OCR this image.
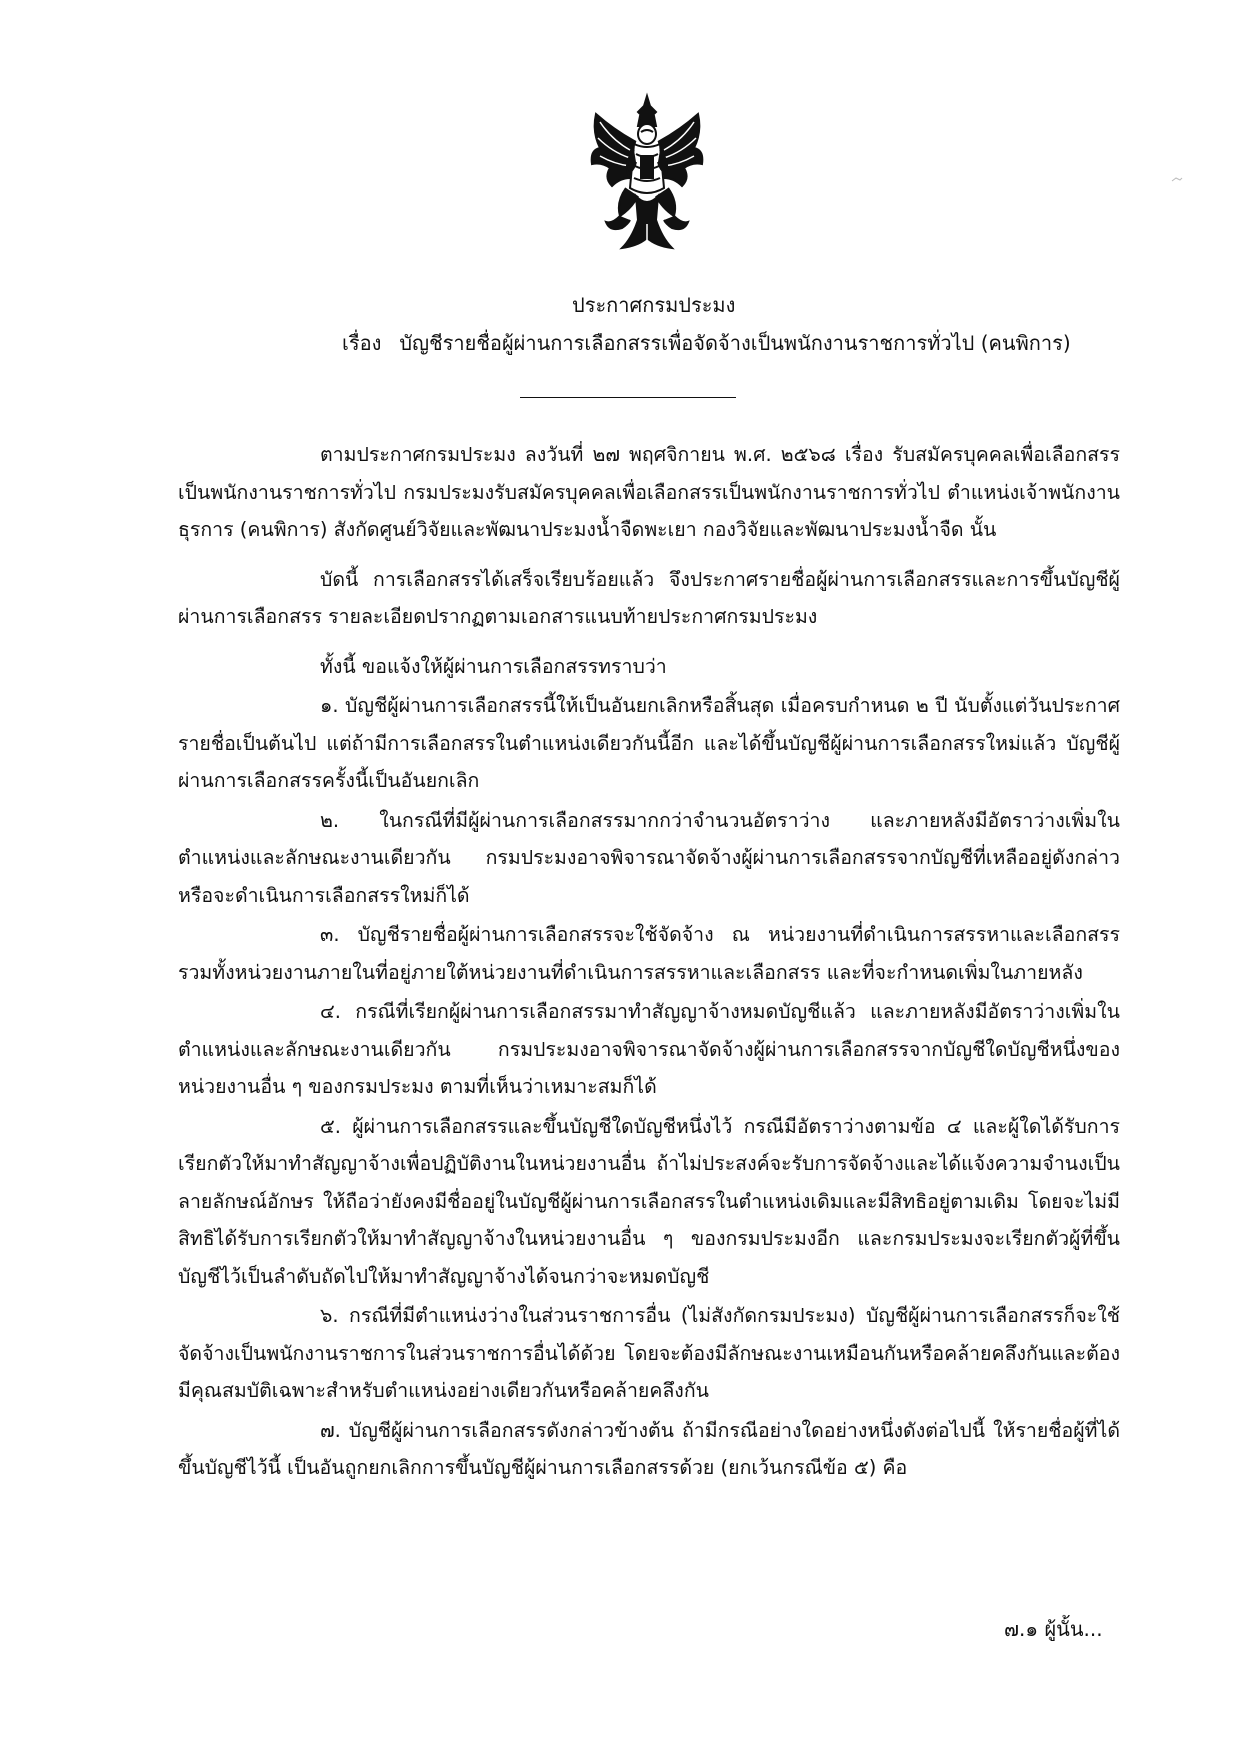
ประกาศกรมประมง
เรื่อง บัญชีรายชื่อผู้ผ่านการเลือกสรรเพื่อจัดจ้างเป็นพนักงานราชการทั่วไป (คนพิการ)

ตามประกาศกรมประมง ลงวันที่ ๒๗ พฤศจิกายน พ.ศ. ๒๕๖๘ เรื่อง รับสมัครบุคคลเพื่อเลือกสรรเป็นพนักงานราชการทั่วไป กรมประมงรับสมัครบุคคลเพื่อเลือกสรรเป็นพนักงานราชการทั่วไป ตำแหน่งเจ้าพนักงานธุรการ (คนพิการ) สังกัดศูนย์วิจัยและพัฒนาประมงน้ำจืดพะเยา กองวิจัยและพัฒนาประมงน้ำจืด นั้น

บัดนี้ การเลือกสรรได้เสร็จเรียบร้อยแล้ว จึงประกาศรายชื่อผู้ผ่านการเลือกสรรและการขึ้นบัญชีผู้ผ่านการเลือกสรร รายละเอียดปรากฏตามเอกสารแนบท้ายประกาศกรมประมง

ทั้งนี้ ขอแจ้งให้ผู้ผ่านการเลือกสรรทราบว่า

๑. บัญชีผู้ผ่านการเลือกสรรนี้ให้เป็นอันยกเลิกหรือสิ้นสุด เมื่อครบกำหนด ๒ ปี นับตั้งแต่วันประกาศรายชื่อเป็นต้นไป แต่ถ้ามีการเลือกสรรในตำแหน่งเดียวกันนี้อีก และได้ขึ้นบัญชีผู้ผ่านการเลือกสรรใหม่แล้ว บัญชีผู้ผ่านการเลือกสรรครั้งนี้เป็นอันยกเลิก

๒. ในกรณีที่มีผู้ผ่านการเลือกสรรมากกว่าจำนวนอัตราว่าง และภายหลังมีอัตราว่างเพิ่มในตำแหน่งและลักษณะงานเดียวกัน กรมประมงอาจพิจารณาจัดจ้างผู้ผ่านการเลือกสรรจากบัญชีที่เหลืออยู่ดังกล่าวหรือจะดำเนินการเลือกสรรใหม่ก็ได้

๓. บัญชีรายชื่อผู้ผ่านการเลือกสรรจะใช้จัดจ้าง ณ หน่วยงานที่ดำเนินการสรรหาและเลือกสรร รวมทั้งหน่วยงานภายในที่อยู่ภายใต้หน่วยงานที่ดำเนินการสรรหาและเลือกสรร และที่จะกำหนดเพิ่มในภายหลัง

๔. กรณีที่เรียกผู้ผ่านการเลือกสรรมาทำสัญญาจ้างหมดบัญชีแล้ว และภายหลังมีอัตราว่างเพิ่มในตำแหน่งและลักษณะงานเดียวกัน กรมประมงอาจพิจารณาจัดจ้างผู้ผ่านการเลือกสรรจากบัญชีใดบัญชีหนึ่งของหน่วยงานอื่น ๆ ของกรมประมง ตามที่เห็นว่าเหมาะสมก็ได้

๕. ผู้ผ่านการเลือกสรรและขึ้นบัญชีใดบัญชีหนึ่งไว้ กรณีมีอัตราว่างตามข้อ ๔ และผู้ใดได้รับการเรียกตัวให้มาทำสัญญาจ้างเพื่อปฏิบัติงานในหน่วยงานอื่น ถ้าไม่ประสงค์จะรับการจัดจ้างและได้แจ้งความจำนงเป็นลายลักษณ์อักษร ให้ถือว่ายังคงมีชื่ออยู่ในบัญชีผู้ผ่านการเลือกสรรในตำแหน่งเดิมและมีสิทธิอยู่ตามเดิม โดยจะไม่มีสิทธิได้รับการเรียกตัวให้มาทำสัญญาจ้างในหน่วยงานอื่น ๆ ของกรมประมงอีก และกรมประมงจะเรียกตัวผู้ที่ขึ้นบัญชีไว้เป็นลำดับถัดไปให้มาทำสัญญาจ้างได้จนกว่าจะหมดบัญชี

๖. กรณีที่มีตำแหน่งว่างในส่วนราชการอื่น (ไม่สังกัดกรมประมง) บัญชีผู้ผ่านการเลือกสรรก็จะใช้จัดจ้างเป็นพนักงานราชการในส่วนราชการอื่นได้ด้วย โดยจะต้องมีลักษณะงานเหมือนกันหรือคล้ายคลึงกันและต้องมีคุณสมบัติเฉพาะสำหรับตำแหน่งอย่างเดียวกันหรือคล้ายคลึงกัน

๗. บัญชีผู้ผ่านการเลือกสรรดังกล่าวข้างต้น ถ้ามีกรณีอย่างใดอย่างหนึ่งดังต่อไปนี้ ให้รายชื่อผู้ที่ได้ขึ้นบัญชีไว้นี้ เป็นอันถูกยกเลิกการขึ้นบัญชีผู้ผ่านการเลือกสรรด้วย (ยกเว้นกรณีข้อ ๕) คือ

๗.๑ ผู้นั้น...
